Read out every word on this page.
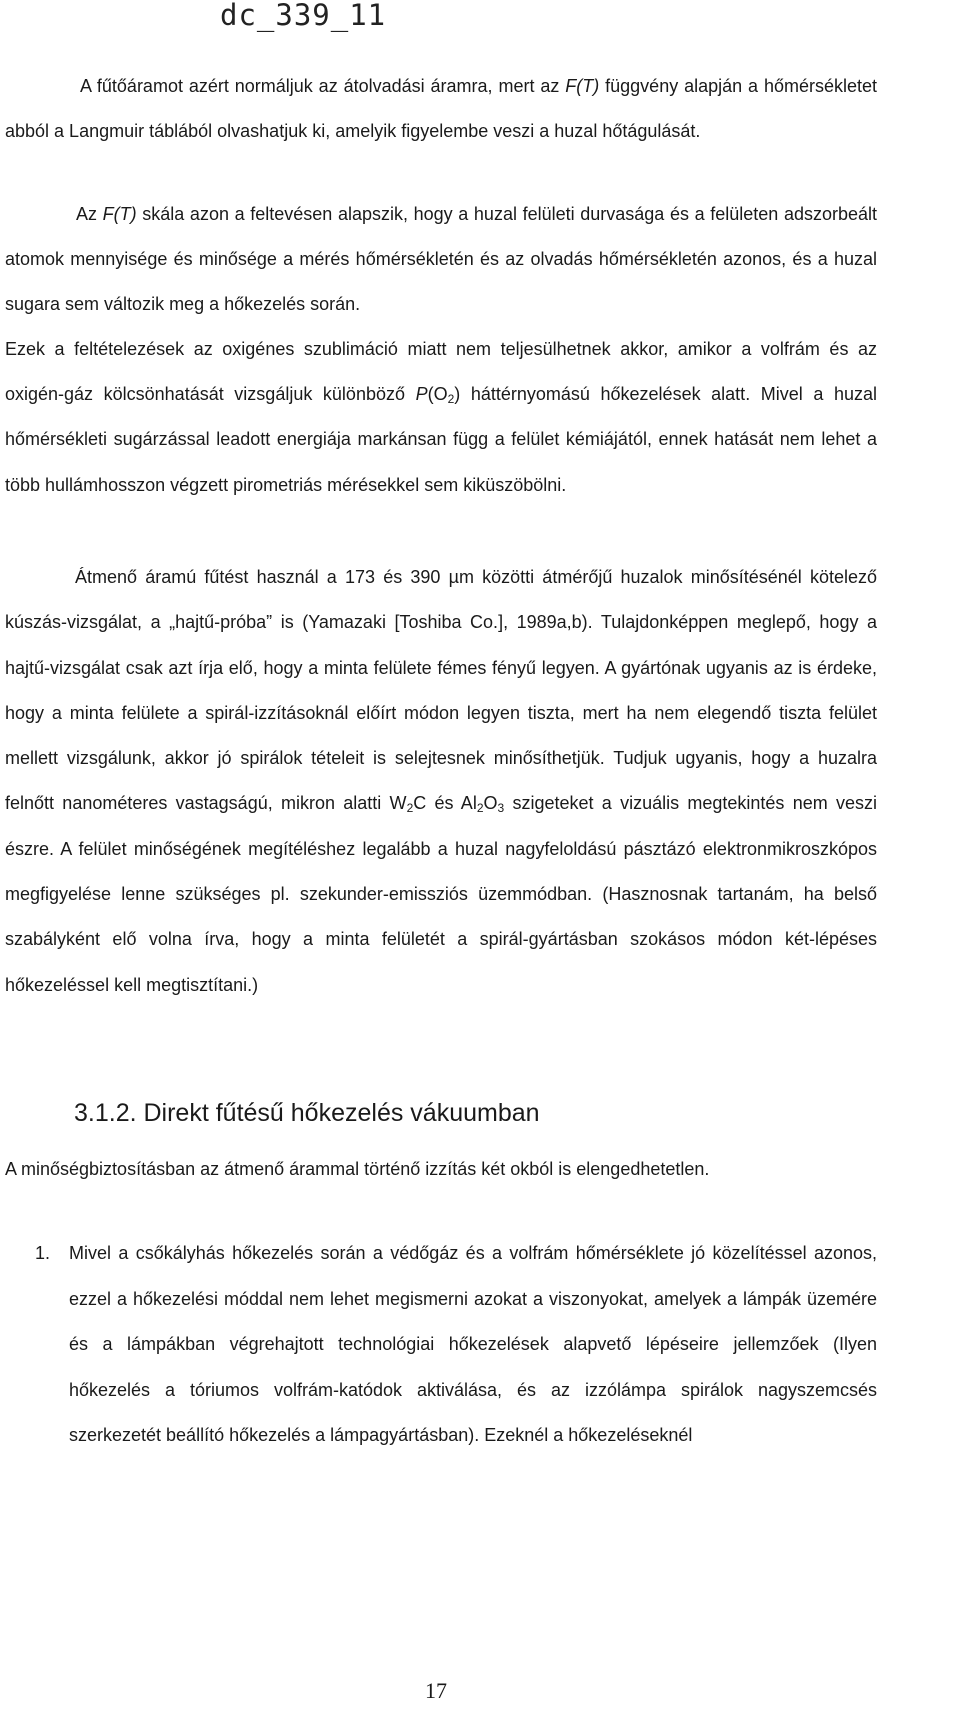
dc_339_11

A fűtőáramot azért normáljuk az átolvadási áramra, mert az F(T) függvény alapján a hőmérsékletet abból a Langmuir táblából olvashatjuk ki, amelyik figyelembe veszi a huzal hőtágulását.

Az F(T) skála azon a feltevésen alapszik, hogy a huzal felületi durvasága és a felületen adszorbeált atomok mennyisége és minősége a mérés hőmérsékletén és az olvadás hőmérsékletén azonos, és a huzal sugara sem változik meg a hőkezelés során.

Ezek a feltételezések az oxigénes szublimáció miatt nem teljesülhetnek akkor, amikor a volfrám és az oxigén-gáz kölcsönhatását vizsgáljuk különböző $P(O_2)$ háttérnyomású hőkezelések alatt. Mivel a huzal hőmérsékleti sugárzással leadott energiája markánsan függ a felület kémiájától, ennek hatását nem lehet a több hullámhosszon végzett pirometriás mérésekkel sem kiküszöbölni.

Átmenő áramú fűtést használ a 173 és 390 µm közötti átmérőjű huzalok minősítésénél kötelező kúszás-vizsgálat, a „hajtű-próba” is (Yamazaki [Toshiba Co.], 1989a,b). Tulajdonképpen meglepő, hogy a hajtű-vizsgálat csak azt írja elő, hogy a minta felülete fémes fényű legyen. A gyártónak ugyanis az is érdeke, hogy a minta felülete a spirál-izzításoknál előírt módon legyen tiszta, mert ha nem elegendő tiszta felület mellett vizsgálunk, akkor jó spirálok tételeit is selejtesnek minősíthetjük. Tudjuk ugyanis, hogy a huzalra felnőtt nanométeres vastagságú, mikron alatti $W_2C$ és $Al_2O_3$ szigeteket a vizuális megtekintés nem veszi észre. A felület minőségének megítéléshez legalább a huzal nagyfeloldású pásztázó elektronmikroszkópos megfigyelése lenne szükséges pl. szekunder-emissziós üzemmódban. (Hasznosnak tartanám, ha belső szabályként elő volna írva, hogy a minta felületét a spirál-gyártásban szokásos módon két-lépéses hőkezeléssel kell megtisztítani.)

3.1.2. Direkt fűtésű hőkezelés vákuumban

A minőségbiztosításban az átmenő árammal történő izzítás két okból is elengedhetetlen.

1. Mivel a csőkályhás hőkezelés során a védőgáz és a volfrám hőmérséklete jó közelítéssel azonos, ezzel a hőkezelési móddal nem lehet megismerni azokat a viszonyokat, amelyek a lámpák üzemére és a lámpákban végrehajtott technológiai hőkezelések alapvető lépéseire jellemzőek (Ilyen hőkezelés a tóriumos volfrám-katódok aktiválása, és az izzólámpa spirálok nagyszemcsés szerkezetét beállító hőkezelés a lámpagyártásban). Ezeknél a hőkezeléseknél

17
